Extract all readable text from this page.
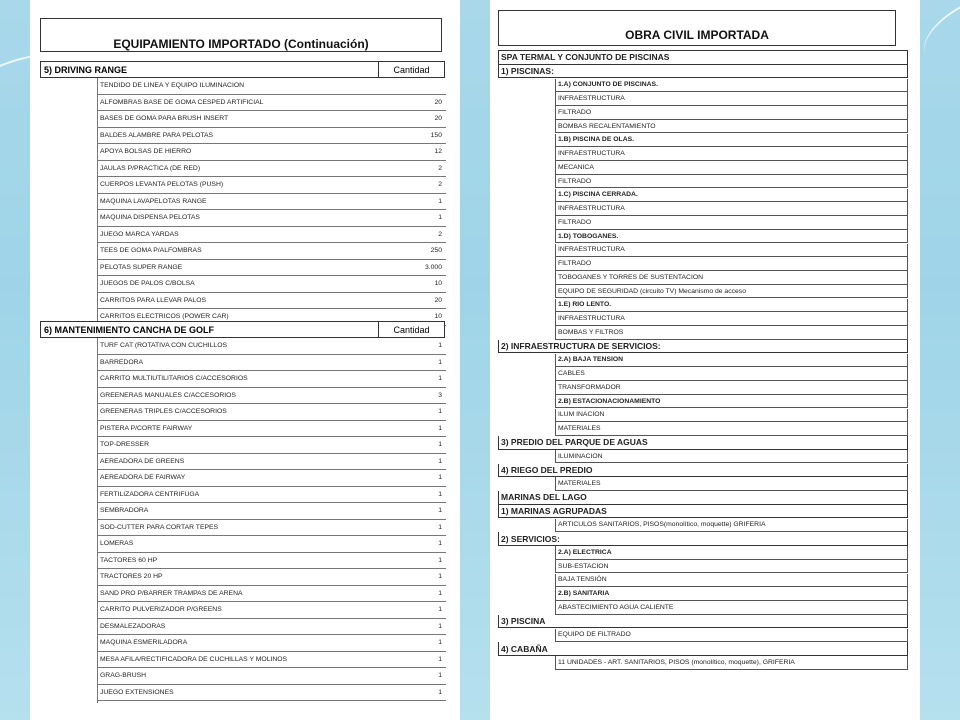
EQUIPAMIENTO IMPORTADO (Continuación)
5) DRIVING RANGE	Cantidad
TENDIDO DE LINEA Y EQUIPO ILUMINACION
ALFOMBRAS BASE DE GOMA CESPED ARTIFICIAL	20
BASES DE GOMA PARA BRUSH INSERT	20
BALDES ALAMBRE PARA PELOTAS	150
APOYA BOLSAS DE HIERRO	12
JAULAS P/PRACTICA (DE RED)	2
CUERPOS LEVANTA PELOTAS (PUSH)	2
MAQUINA LAVAPELOTAS RANGE	1
MAQUINA DISPENSA PELOTAS	1
JUEGO MARCA YARDAS	2
TEES DE GOMA P/ALFOMBRAS	250
PELOTAS SUPER RANGE	3.000
JUEGOS DE PALOS C/BOLSA	10
CARRITOS PARA LLEVAR PALOS	20
CARRITOS ELECTRICOS (POWER CAR)	10
6) MANTENIMIENTO CANCHA DE GOLF	Cantidad
TURF CAT (ROTATIVA CON CUCHILLOS	1
BARREDORA	1
CARRITO MULTIUTILITARIOS C/ACCESORIOS	1
GREENERAS MANUALES C/ACCESORIOS	3
GREENERAS TRIPLES C/ACCESORIOS	1
PISTERA P/CORTE FAIRWAY	1
TOP-DRESSER	1
AEREADORA DE GREENS	1
AEREADORA DE FAIRWAY	1
FERTILIZADORA CENTRIFUGA	1
SEMBRADORA	1
SOD-CUTTER PARA CORTAR TEPES	1
LOMERAS	1
TACTORES 60 HP	1
TRACTORES 20 HP	1
SAND PRO P/BARRER TRAMPAS DE ARENA	1
CARRITO PULVERIZADOR P/GREENS	1
DESMALEZADORAS	1
MAQUINA ESMERILADORA	1
MESA AFILA/RECTIFICADORA DE CUCHILLAS Y MOLINOS	1
GRAG-BRUSH	1
JUEGO EXTENSIONES	1
OBRA CIVIL IMPORTADA
SPA TERMAL Y CONJUNTO DE PISCINAS
1) PISCINAS:
1.A) CONJUNTO DE PISCINAS.
INFRAESTRUCTURA
FILTRADO
BOMBAS RECALENTAMIENTO
1.B) PISCINA DE OLAS.
INFRAESTRUCTURA
MECANICA
FILTRADO
1.C) PISCINA CERRADA.
INFRAESTRUCTURA
FILTRADO
1.D) TOBOGANES.
INFRAESTRUCTURA
FILTRADO
TOBOGANES Y TORRES DE SUSTENTACION
EQUIPO DE SEGURIDAD (circuito TV) Mecanismo de acceso
1.E) RIO LENTO.
INFRAESTRUCTURA
BOMBAS Y FILTROS
2) INFRAESTRUCTURA DE SERVICIOS:
2.A) BAJA TENSION
CABLES
TRANSFORMADOR
2.B) ESTACIONACIONAMIENTO
ILUM INACION
MATERIALES
3) PREDIO DEL PARQUE DE AGUAS
ILUMINACION
4) RIEGO DEL PREDIO
MATERIALES
MARINAS DEL LAGO
1) MARINAS AGRUPADAS
ARTICULOS SANITARIOS, PISOS(monolítico, moquette) GRIFERIA
2) SERVICIOS:
2.A) ELECTRICA
SUB-ESTACION
BAJA TENSIÓN
2.B) SANITARIA
ABASTECIMIENTO AGUA CALIENTE
3) PISCINA
EQUIPO DE FILTRADO
4) CABAÑA
11 UNIDADES - ART. SANITARIOS, PISOS (monolítico, moquette), GRIFERIA
